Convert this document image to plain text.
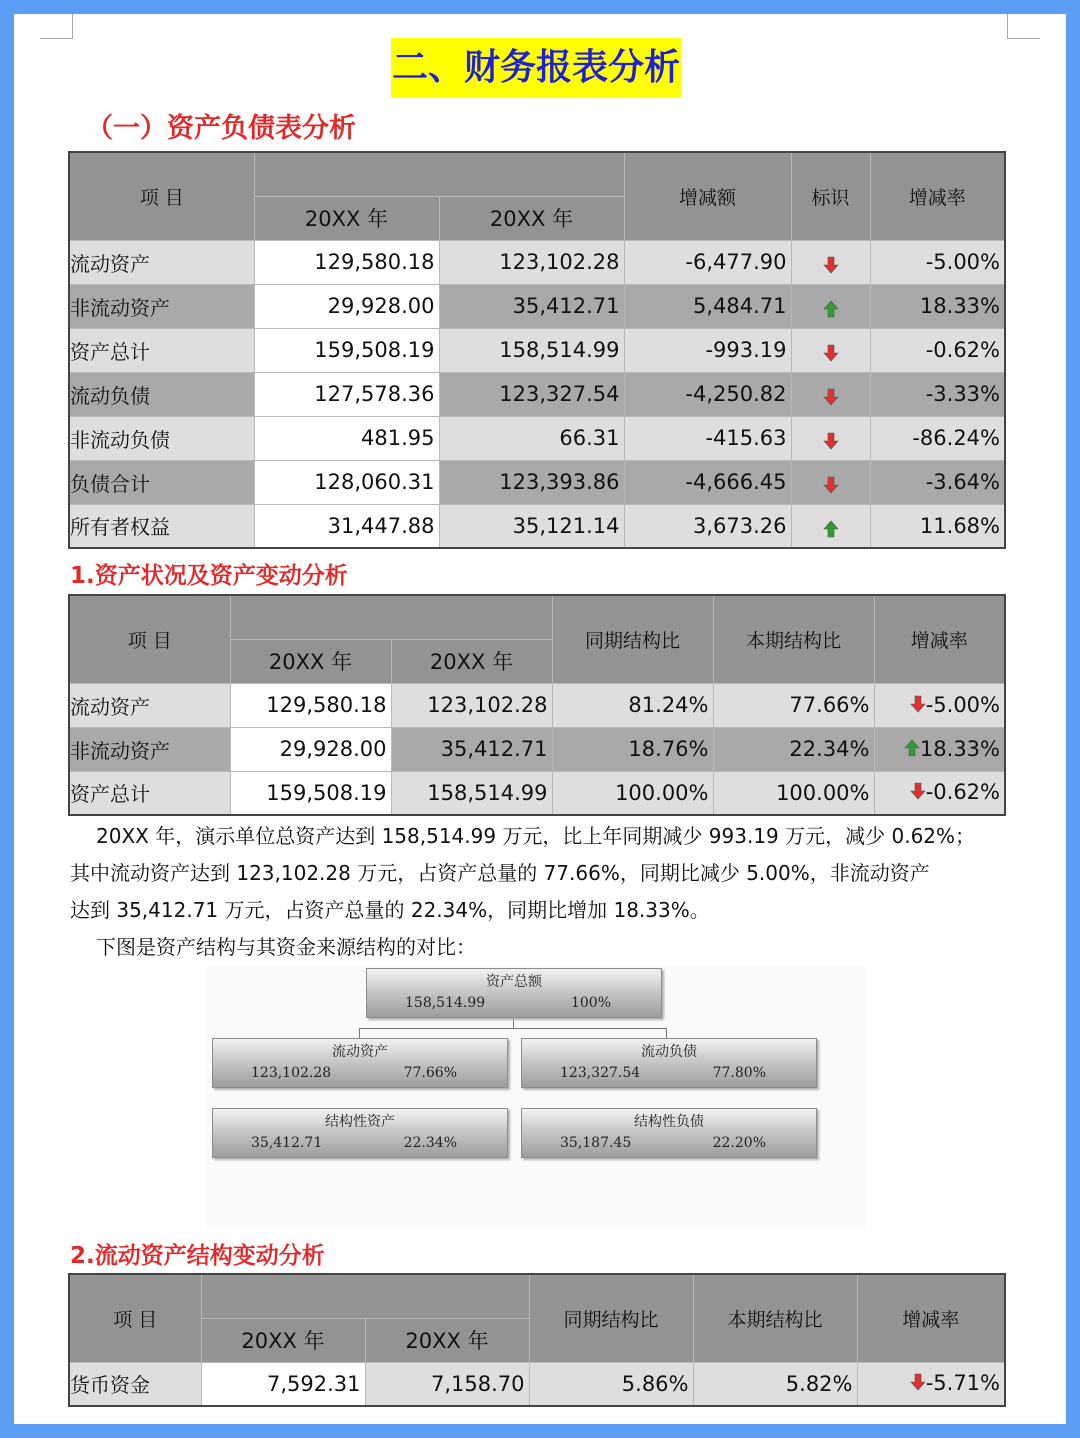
二、财务报表分析
（一）资产负债表分析
项 目			增减额	标识	增减率
	20XX 年	20XX 年			
流动资产	129,580.18	123,102.28	-6,477.90		-5.00%
非流动资产	29,928.00	35,412.71	5,484.71		18.33%
资产总计	159,508.19	158,514.99	-993.19		-0.62%
流动负债	127,578.36	123,327.54	-4,250.82		-3.33%
非流动负债	481.95	66.31	-415.63		-86.24%
负债合计	128,060.31	123,393.86	-4,666.45		-3.64%
所有者权益	31,447.88	35,121.14	3,673.26		11.68%
1.资产状况及资产变动分析
项 目			同期结构比	本期结构比	增减率
	20XX 年	20XX 年			
流动资产	129,580.18	123,102.28	81.24%	77.66%	-5.00%
非流动资产	29,928.00	35,412.71	18.76%	22.34%	18.33%
资产总计	159,508.19	158,514.99	100.00%	100.00%	-0.62%

20XX 年，演示单位总资产达到 158,514.99 万元，比上年同期减少 993.19 万元，减少 0.62%；

其中流动资产达到 123,102.28 万元，占资产总量的 77.66%，同期比减少 5.00%，非流动资产

达到 35,412.71 万元，占资产总量的 22.34%，同期比增加 18.33%。

下图是资产结构与其资金来源结构的对比：

资产总额
158,514.99	100%
流动资产
123,102.28	77.66%
流动负债
123,327.54	77.80%
结构性资产
35,412.71	22.34%
结构性负债
35,187.45	22.20%
2.流动资产结构变动分析
项 目			同期结构比	本期结构比	增减率
	20XX 年	20XX 年			
货币资金	7,592.31	7,158.70	5.86%	5.82%	-5.71%
